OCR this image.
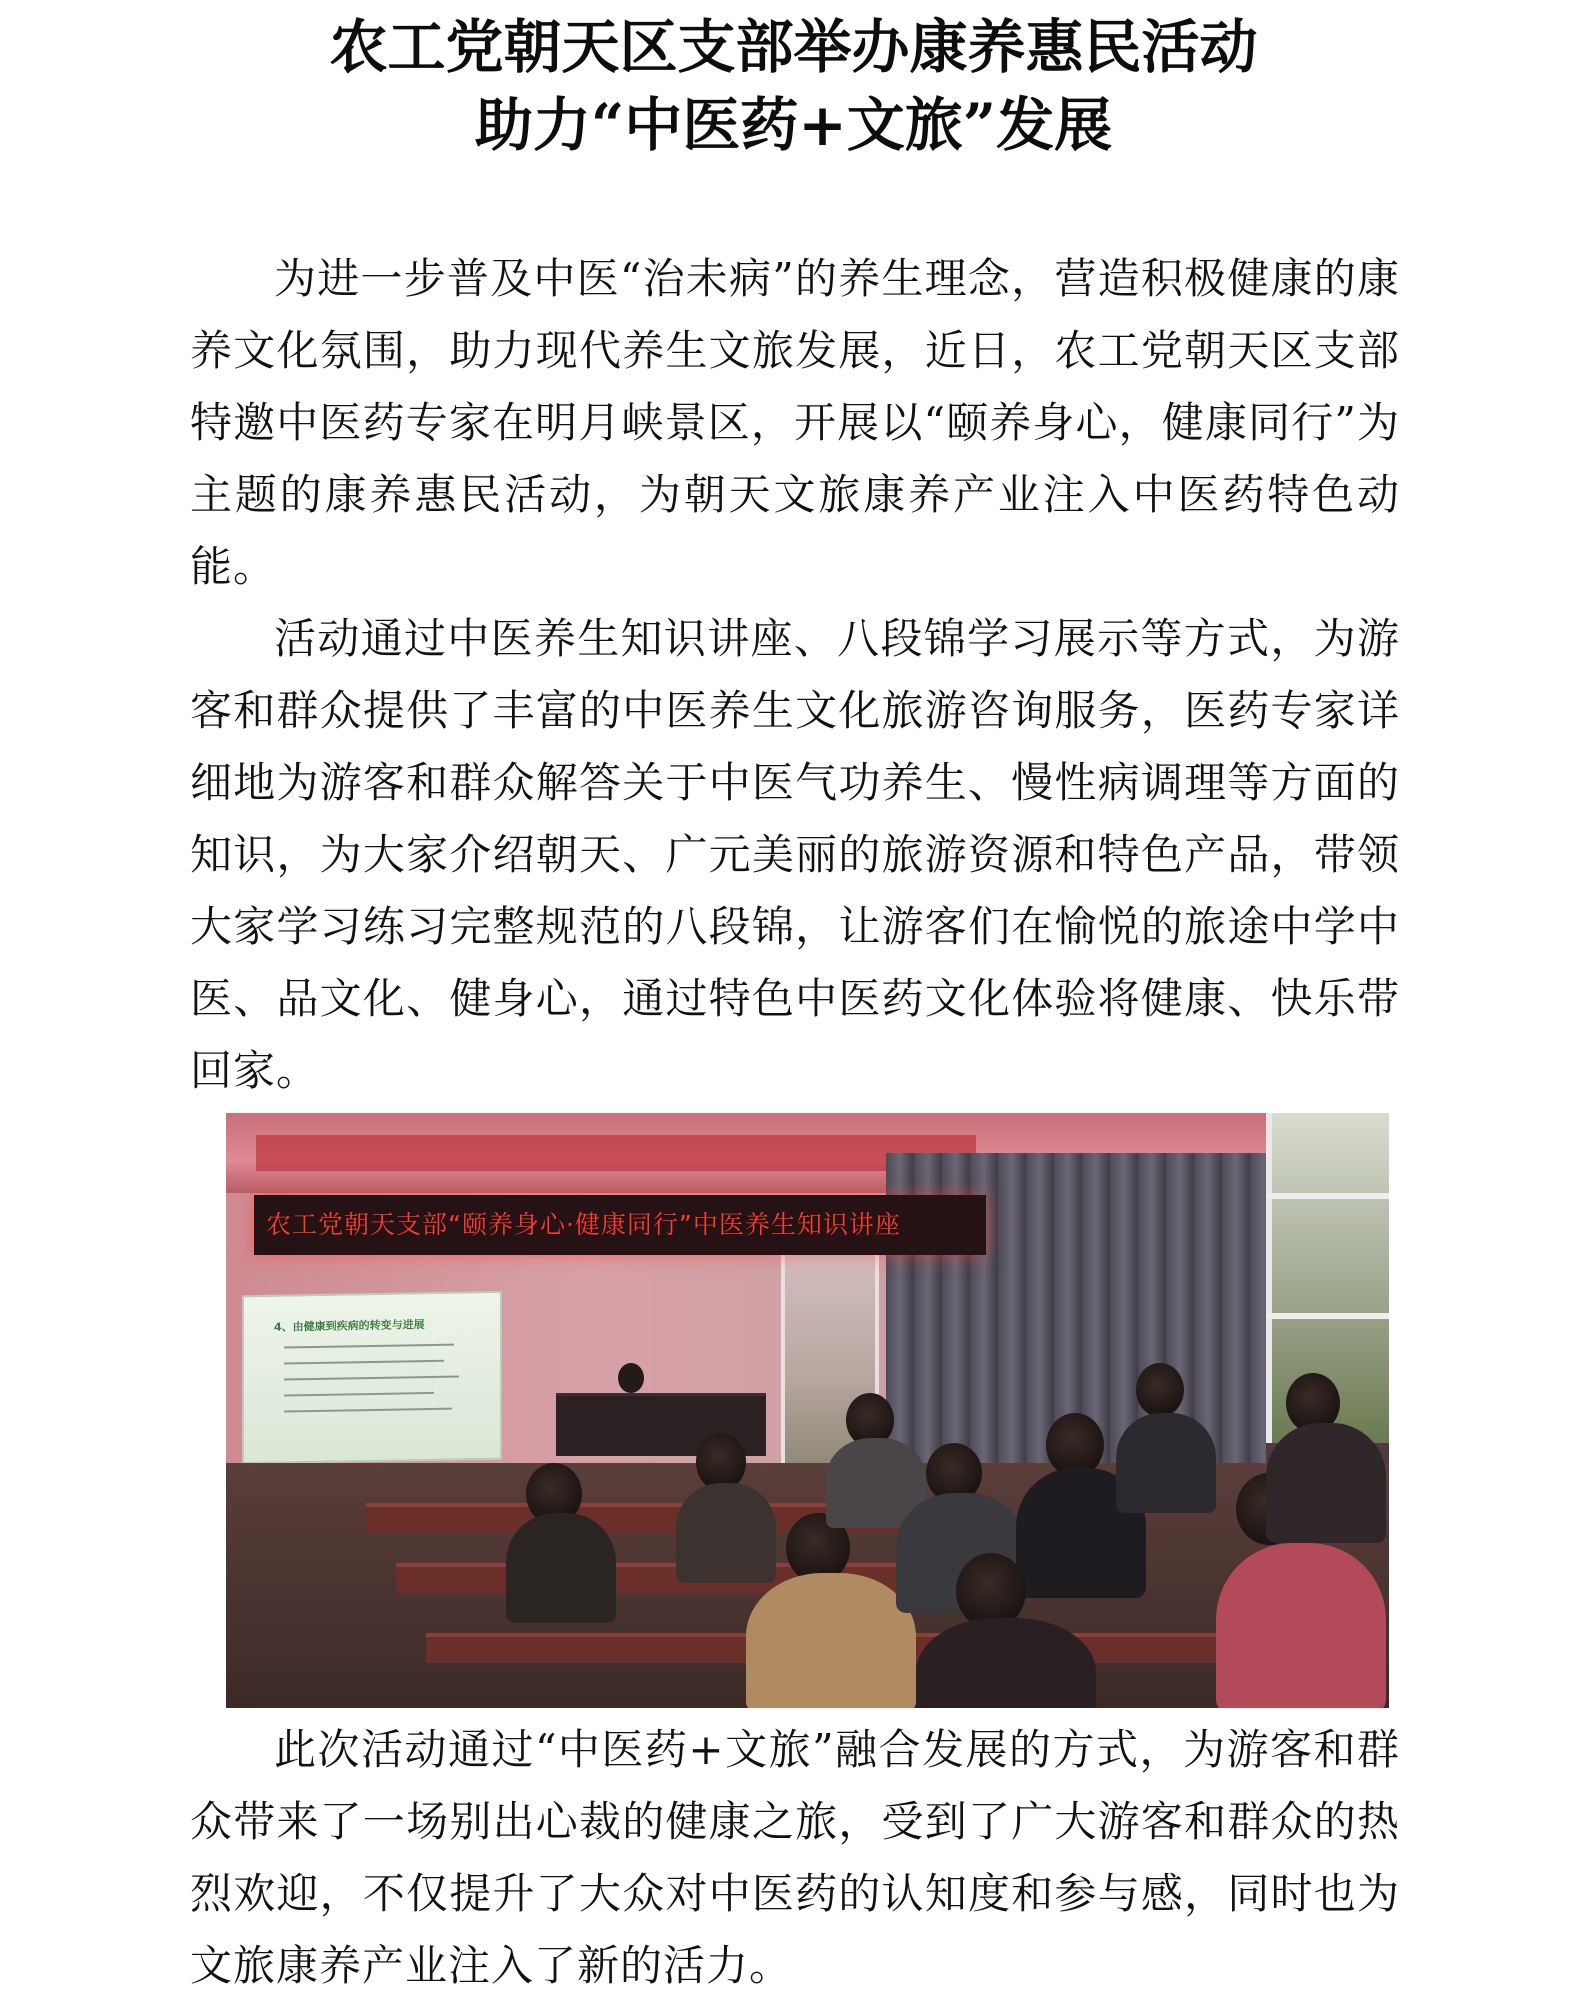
农工党朝天区支部举办康养惠民活动
助力“中医药+文旅”发展

为进一步普及中医“治未病”的养生理念，营造积极健康的康养文化氛围，助力现代养生文旅发展，近日，农工党朝天区支部特邀中医药专家在明月峡景区，开展以“颐养身心，健康同行”为主题的康养惠民活动，为朝天文旅康养产业注入中医药特色动能。

活动通过中医养生知识讲座、八段锦学习展示等方式，为游客和群众提供了丰富的中医养生文化旅游咨询服务，医药专家详细地为游客和群众解答关于中医气功养生、慢性病调理等方面的知识，为大家介绍朝天、广元美丽的旅游资源和特色产品，带领大家学习练习完整规范的八段锦，让游客们在愉悦的旅途中学中医、品文化、健身心，通过特色中医药文化体验将健康、快乐带回家。

农工党朝天支部“颐养身心·健康同行”中医养生知识讲座
4、由健康到疾病的转变与进展

此次活动通过“中医药+文旅”融合发展的方式，为游客和群众带来了一场别出心裁的健康之旅，受到了广大游客和群众的热烈欢迎，不仅提升了大众对中医药的认知度和参与感，同时也为文旅康养产业注入了新的活力。
